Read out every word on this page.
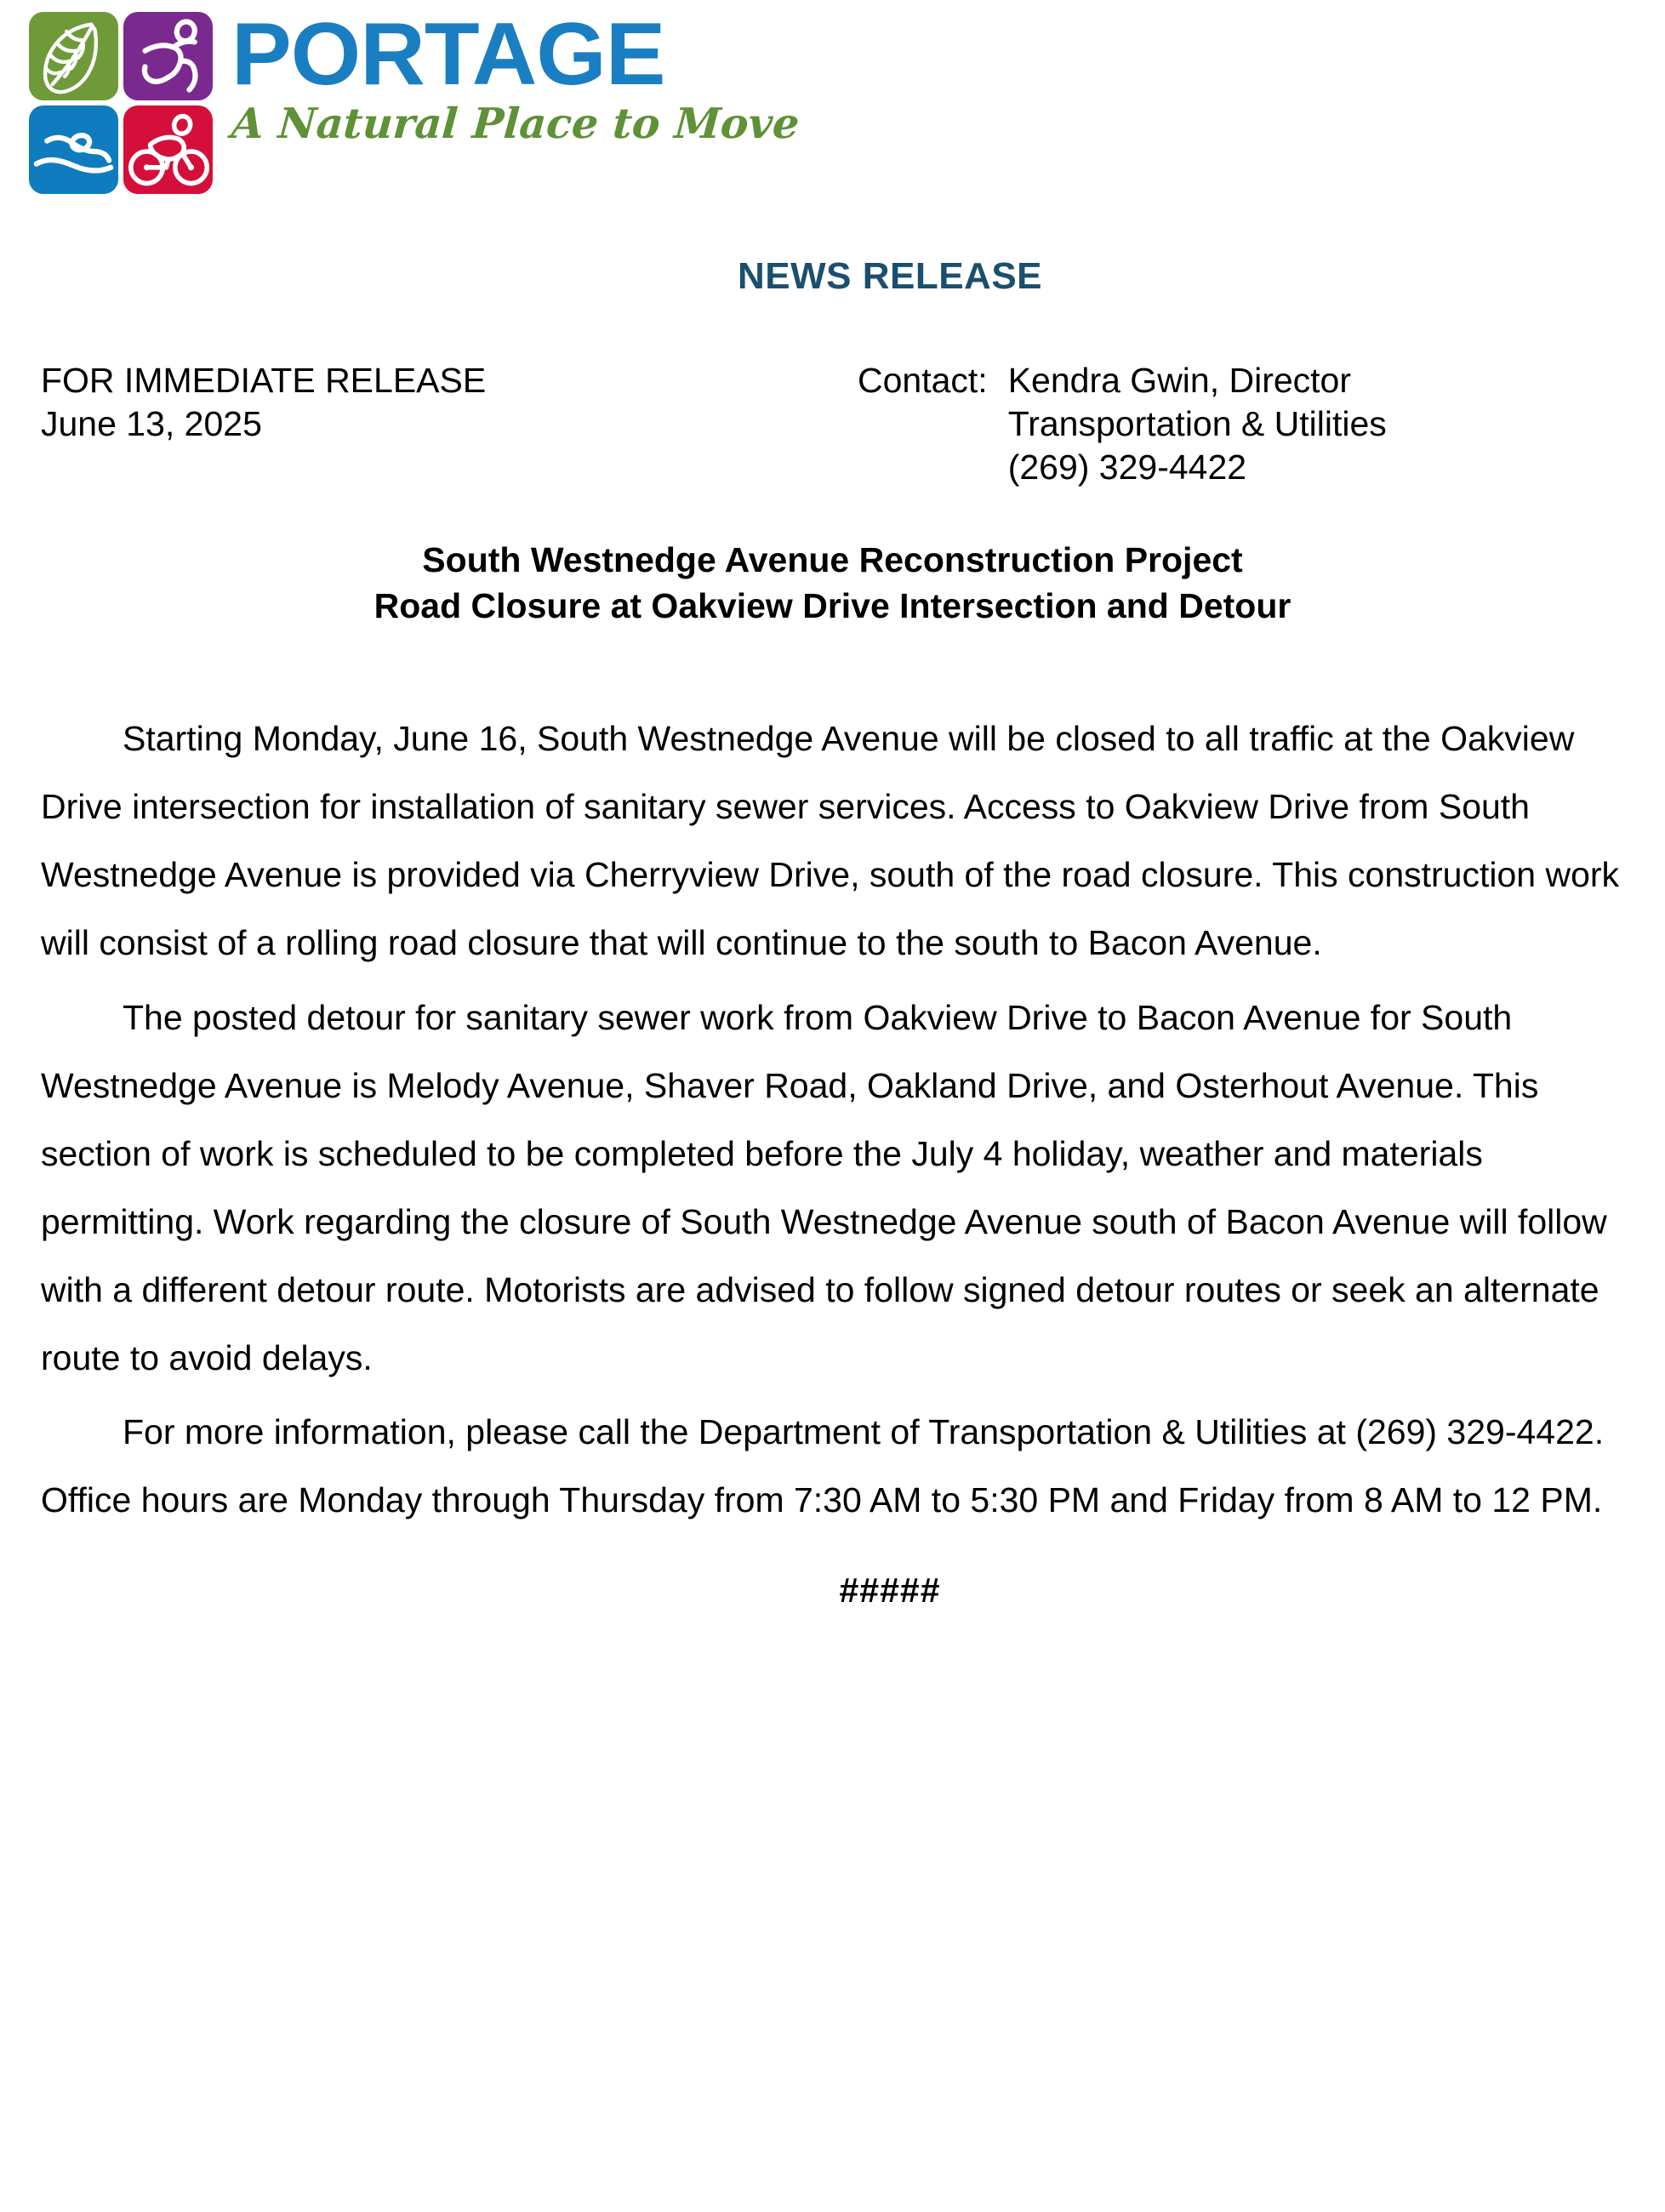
PORTAGE
A Natural Place to Move
NEWS RELEASE
FOR IMMEDIATE RELEASE
June 13, 2025
Contact: Kendra Gwin, Director
Transportation & Utilities
(269) 329-4422
South Westnedge Avenue Reconstruction Project
Road Closure at Oakview Drive Intersection and Detour

Starting Monday, June 16, South Westnedge Avenue will be closed to all traffic at the Oakview Drive intersection for installation of sanitary sewer services. Access to Oakview Drive from South Westnedge Avenue is provided via Cherryview Drive, south of the road closure. This construction work will consist of a rolling road closure that will continue to the south to Bacon Avenue.

The posted detour for sanitary sewer work from Oakview Drive to Bacon Avenue for South Westnedge Avenue is Melody Avenue, Shaver Road, Oakland Drive, and Osterhout Avenue. This section of work is scheduled to be completed before the July 4 holiday, weather and materials permitting. Work regarding the closure of South Westnedge Avenue south of Bacon Avenue will follow with a different detour route. Motorists are advised to follow signed detour routes or seek an alternate route to avoid delays.

For more information, please call the Department of Transportation & Utilities at (269) 329-4422. Office hours are Monday through Thursday from 7:30 AM to 5:30 PM and Friday from 8 AM to 12 PM.

#####
